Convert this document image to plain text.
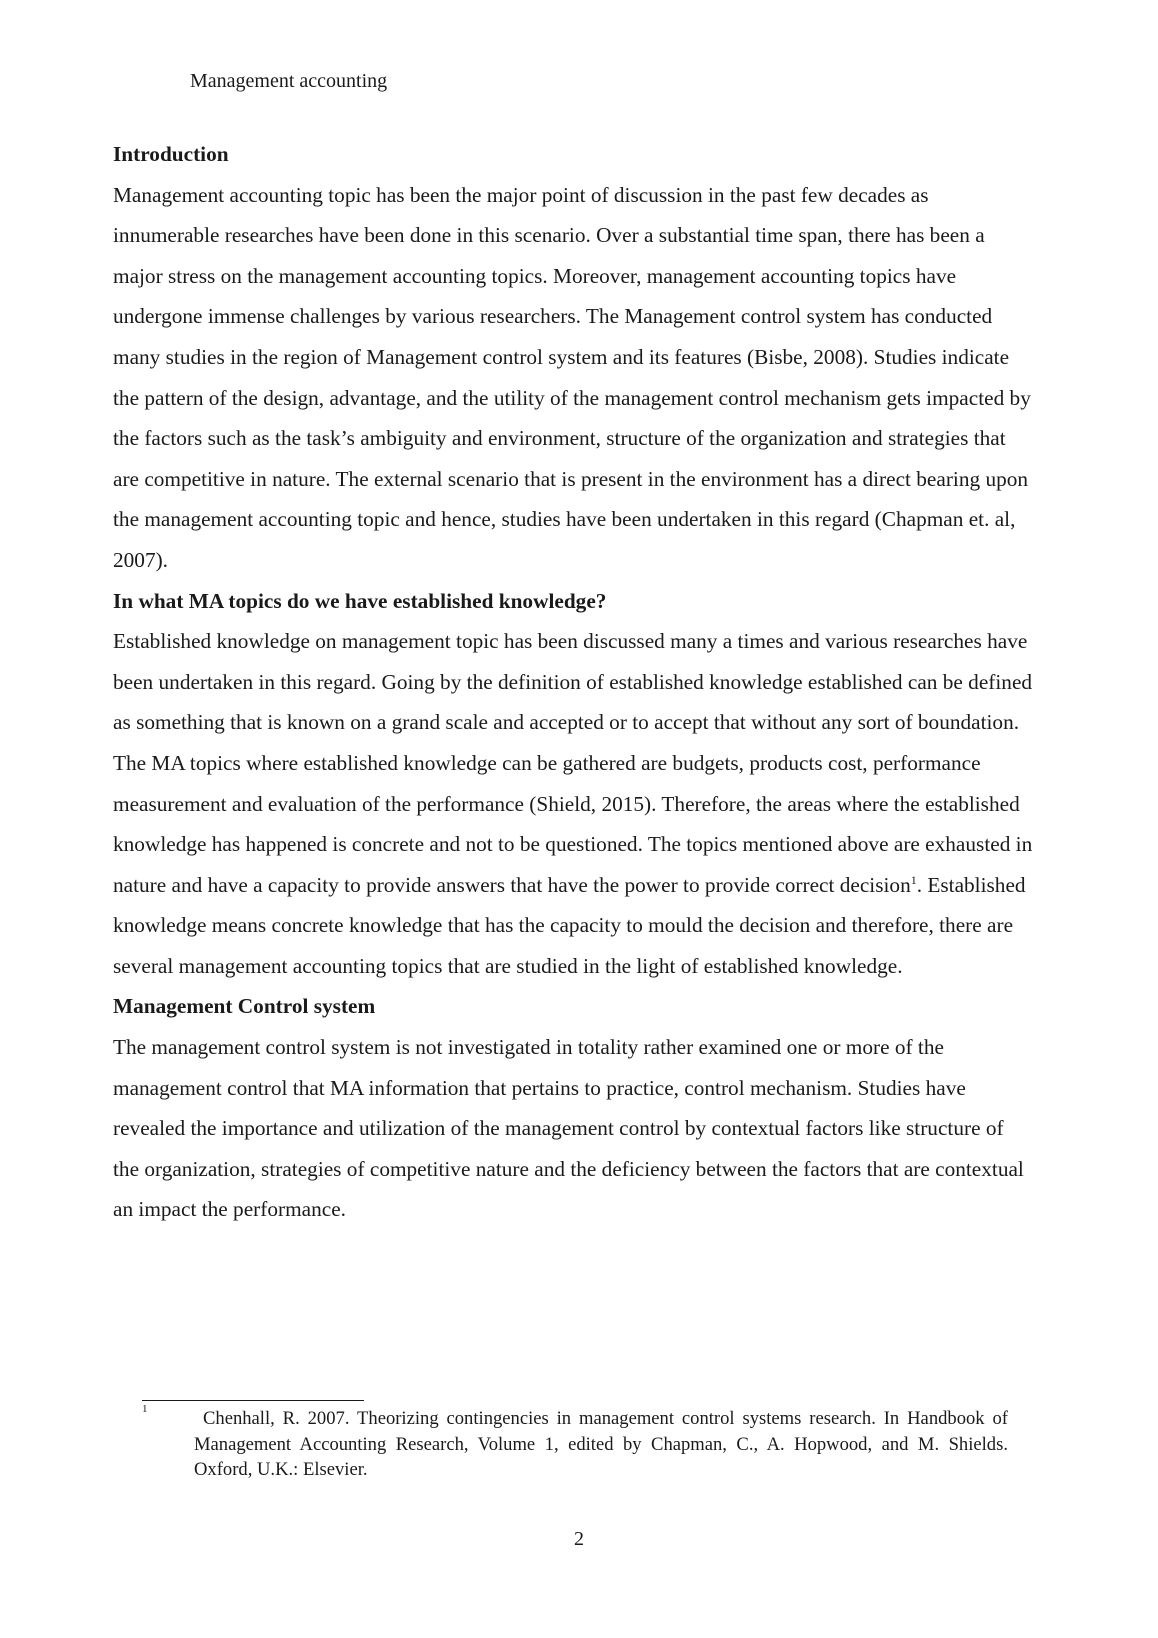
Management accounting
Introduction

Management accounting topic has been the major point of discussion in the past few decades as innumerable researches have been done in this scenario. Over a substantial time span, there has been a major stress on the management accounting topics. Moreover, management accounting topics have undergone immense challenges by various researchers. The Management control system has conducted many studies in the region of Management control system and its features (Bisbe, 2008). Studies indicate the pattern of the design, advantage, and the utility of the management control mechanism gets impacted by the factors such as the task’s ambiguity and environment, structure of the organization and strategies that are competitive in nature. The external scenario that is present in the environment has a direct bearing upon the management accounting topic and hence, studies have been undertaken in this regard (Chapman et. al, 2007).

In what MA topics do we have established knowledge?

Established knowledge on management topic has been discussed many a times and various researches have been undertaken in this regard. Going by the definition of established knowledge established can be defined as something that is known on a grand scale and accepted or to accept that without any sort of boundation. The MA topics where established knowledge can be gathered are budgets, products cost, performance measurement and evaluation of the performance (Shield, 2015). Therefore, the areas where the established knowledge has happened is concrete and not to be questioned. The topics mentioned above are exhausted in nature and have a capacity to provide answers that have the power to provide correct decision$^1$. Established knowledge means concrete knowledge that has the capacity to mould the decision and therefore, there are several management accounting topics that are studied in the light of established knowledge.

Management Control system

The management control system is not investigated in totality rather examined one or more of the management control that MA information that pertains to practice, control mechanism. Studies have revealed the importance and utilization of the management control by contextual factors like structure of the organization, strategies of competitive nature and the deficiency between the factors that are contextual an impact the performance.

1	Chenhall, R. 2007. Theorizing contingencies in management control systems research. In Handbook of Management Accounting Research, Volume 1, edited by Chapman, C., A. Hopwood, and M. Shields. Oxford, U.K.: Elsevier.

2
